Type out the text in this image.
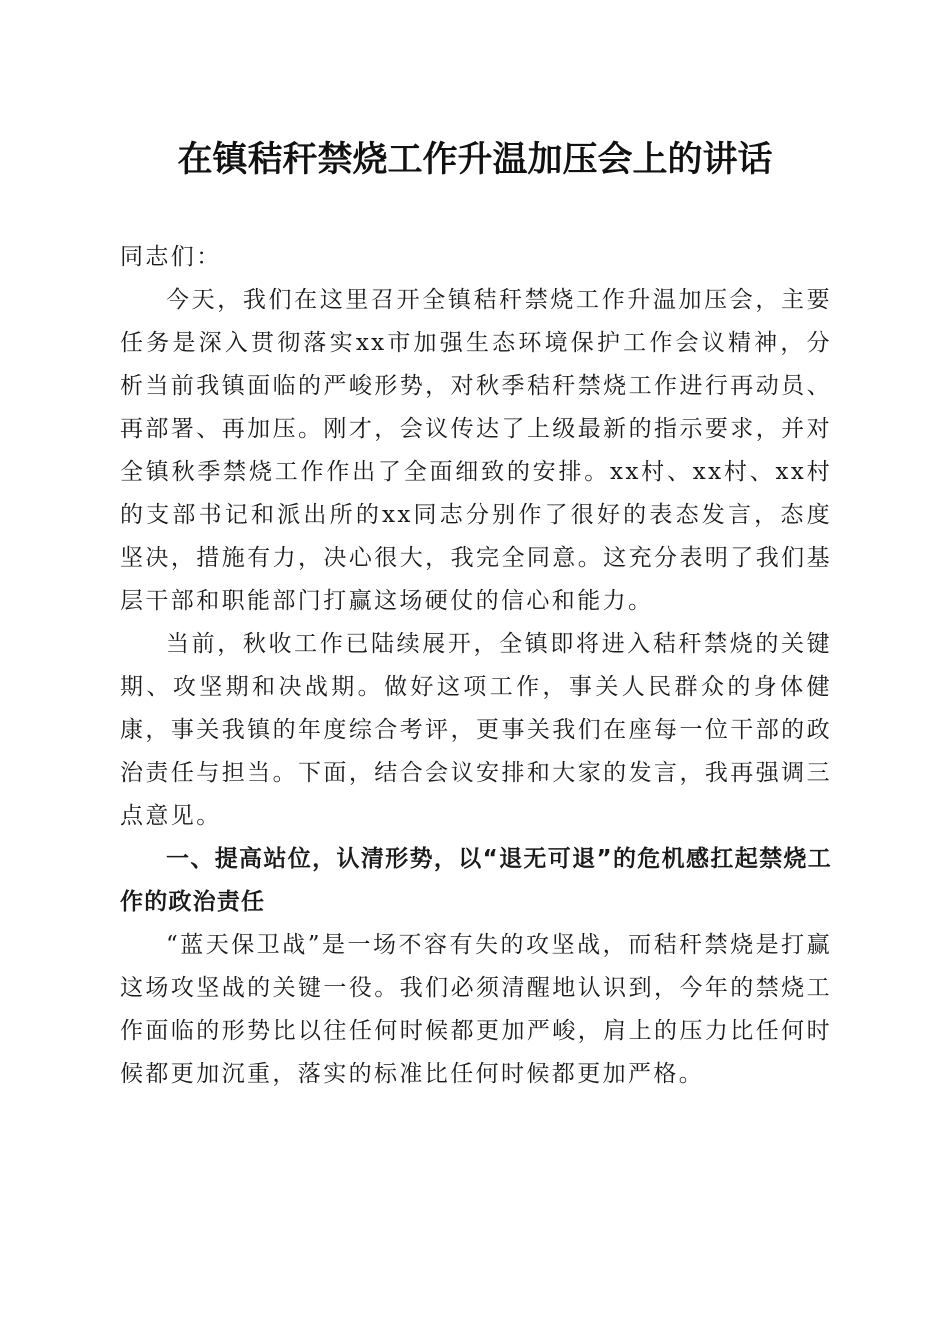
在镇秸秆禁烧工作升温加压会上的讲话

同志们：

今天，我们在这里召开全镇秸秆禁烧工作升温加压会，主要任务是深入贯彻落实xx市加强生态环境保护工作会议精神，分析当前我镇面临的严峻形势，对秋季秸秆禁烧工作进行再动员、再部署、再加压。刚才，会议传达了上级最新的指示要求，并对全镇秋季禁烧工作作出了全面细致的安排。xx村、xx村、xx村的支部书记和派出所的xx同志分别作了很好的表态发言，态度坚决，措施有力，决心很大，我完全同意。这充分表明了我们基层干部和职能部门打赢这场硬仗的信心和能力。

当前，秋收工作已陆续展开，全镇即将进入秸秆禁烧的关键期、攻坚期和决战期。做好这项工作，事关人民群众的身体健康，事关我镇的年度综合考评，更事关我们在座每一位干部的政治责任与担当。下面，结合会议安排和大家的发言，我再强调三点意见。

一、提高站位，认清形势，以“退无可退”的危机感扛起禁烧工作的政治责任

“蓝天保卫战”是一场不容有失的攻坚战，而秸秆禁烧是打赢这场攻坚战的关键一役。我们必须清醒地认识到，今年的禁烧工作面临的形势比以往任何时候都更加严峻，肩上的压力比任何时候都更加沉重，落实的标准比任何时候都更加严格。
